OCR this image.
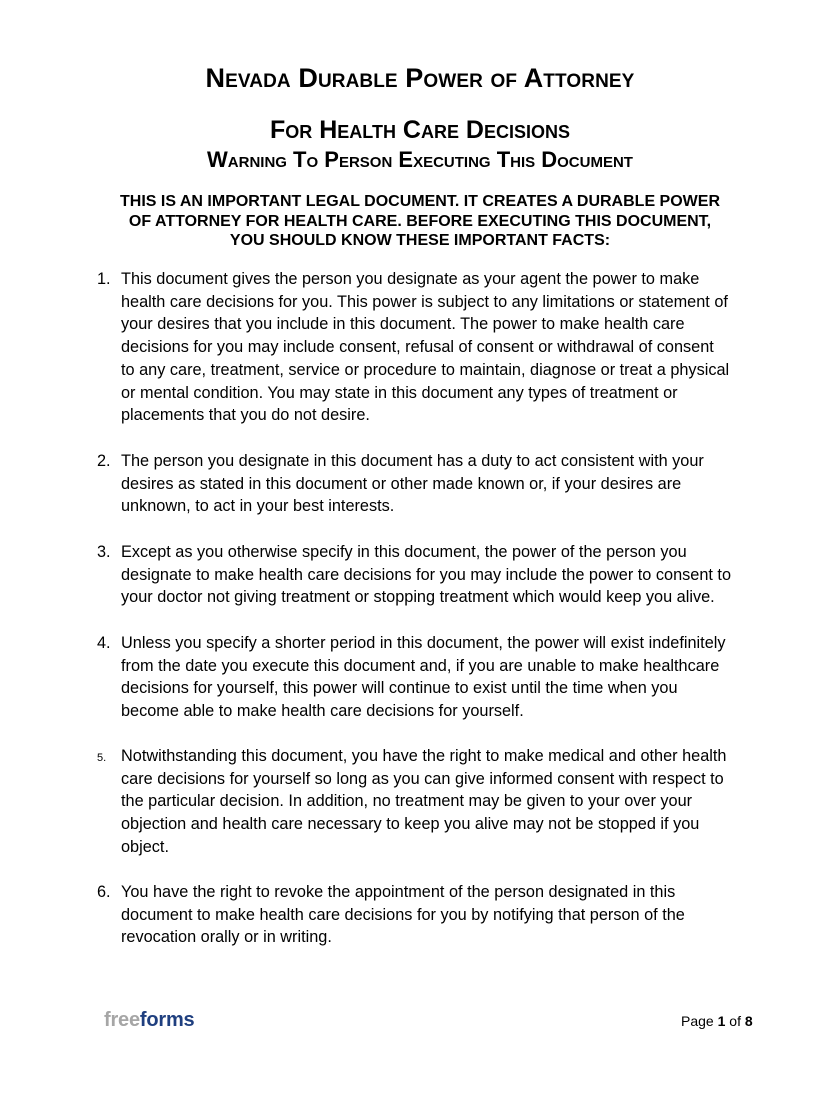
Nevada Durable Power of Attorney
For Health Care Decisions
Warning To Person Executing This Document

THIS IS AN IMPORTANT LEGAL DOCUMENT. IT CREATES A DURABLE POWER
OF ATTORNEY FOR HEALTH CARE. BEFORE EXECUTING THIS DOCUMENT,
YOU SHOULD KNOW THESE IMPORTANT FACTS:

1. This document gives the person you designate as your agent the power to make
health care decisions for you. This power is subject to any limitations or statement of
your desires that you include in this document. The power to make health care
decisions for you may include consent, refusal of consent or withdrawal of consent
to any care, treatment, service or procedure to maintain, diagnose or treat a physical
or mental condition. You may state in this document any types of treatment or
placements that you do not desire.
2. The person you designate in this document has a duty to act consistent with your
desires as stated in this document or other made known or, if your desires are
unknown, to act in your best interests.
3. Except as you otherwise specify in this document, the power of the person you
designate to make health care decisions for you may include the power to consent to
your doctor not giving treatment or stopping treatment which would keep you alive.
4. Unless you specify a shorter period in this document, the power will exist indefinitely
from the date you execute this document and, if you are unable to make healthcare
decisions for yourself, this power will continue to exist until the time when you
become able to make health care decisions for yourself.
5. Notwithstanding this document, you have the right to make medical and other health
care decisions for yourself so long as you can give informed consent with respect to
the particular decision. In addition, no treatment may be given to your over your
objection and health care necessary to keep you alive may not be stopped if you
object.
6. You have the right to revoke the appointment of the person designated in this
document to make health care decisions for you by notifying that person of the
revocation orally or in writing.
freeforms	Page 1 of 8
